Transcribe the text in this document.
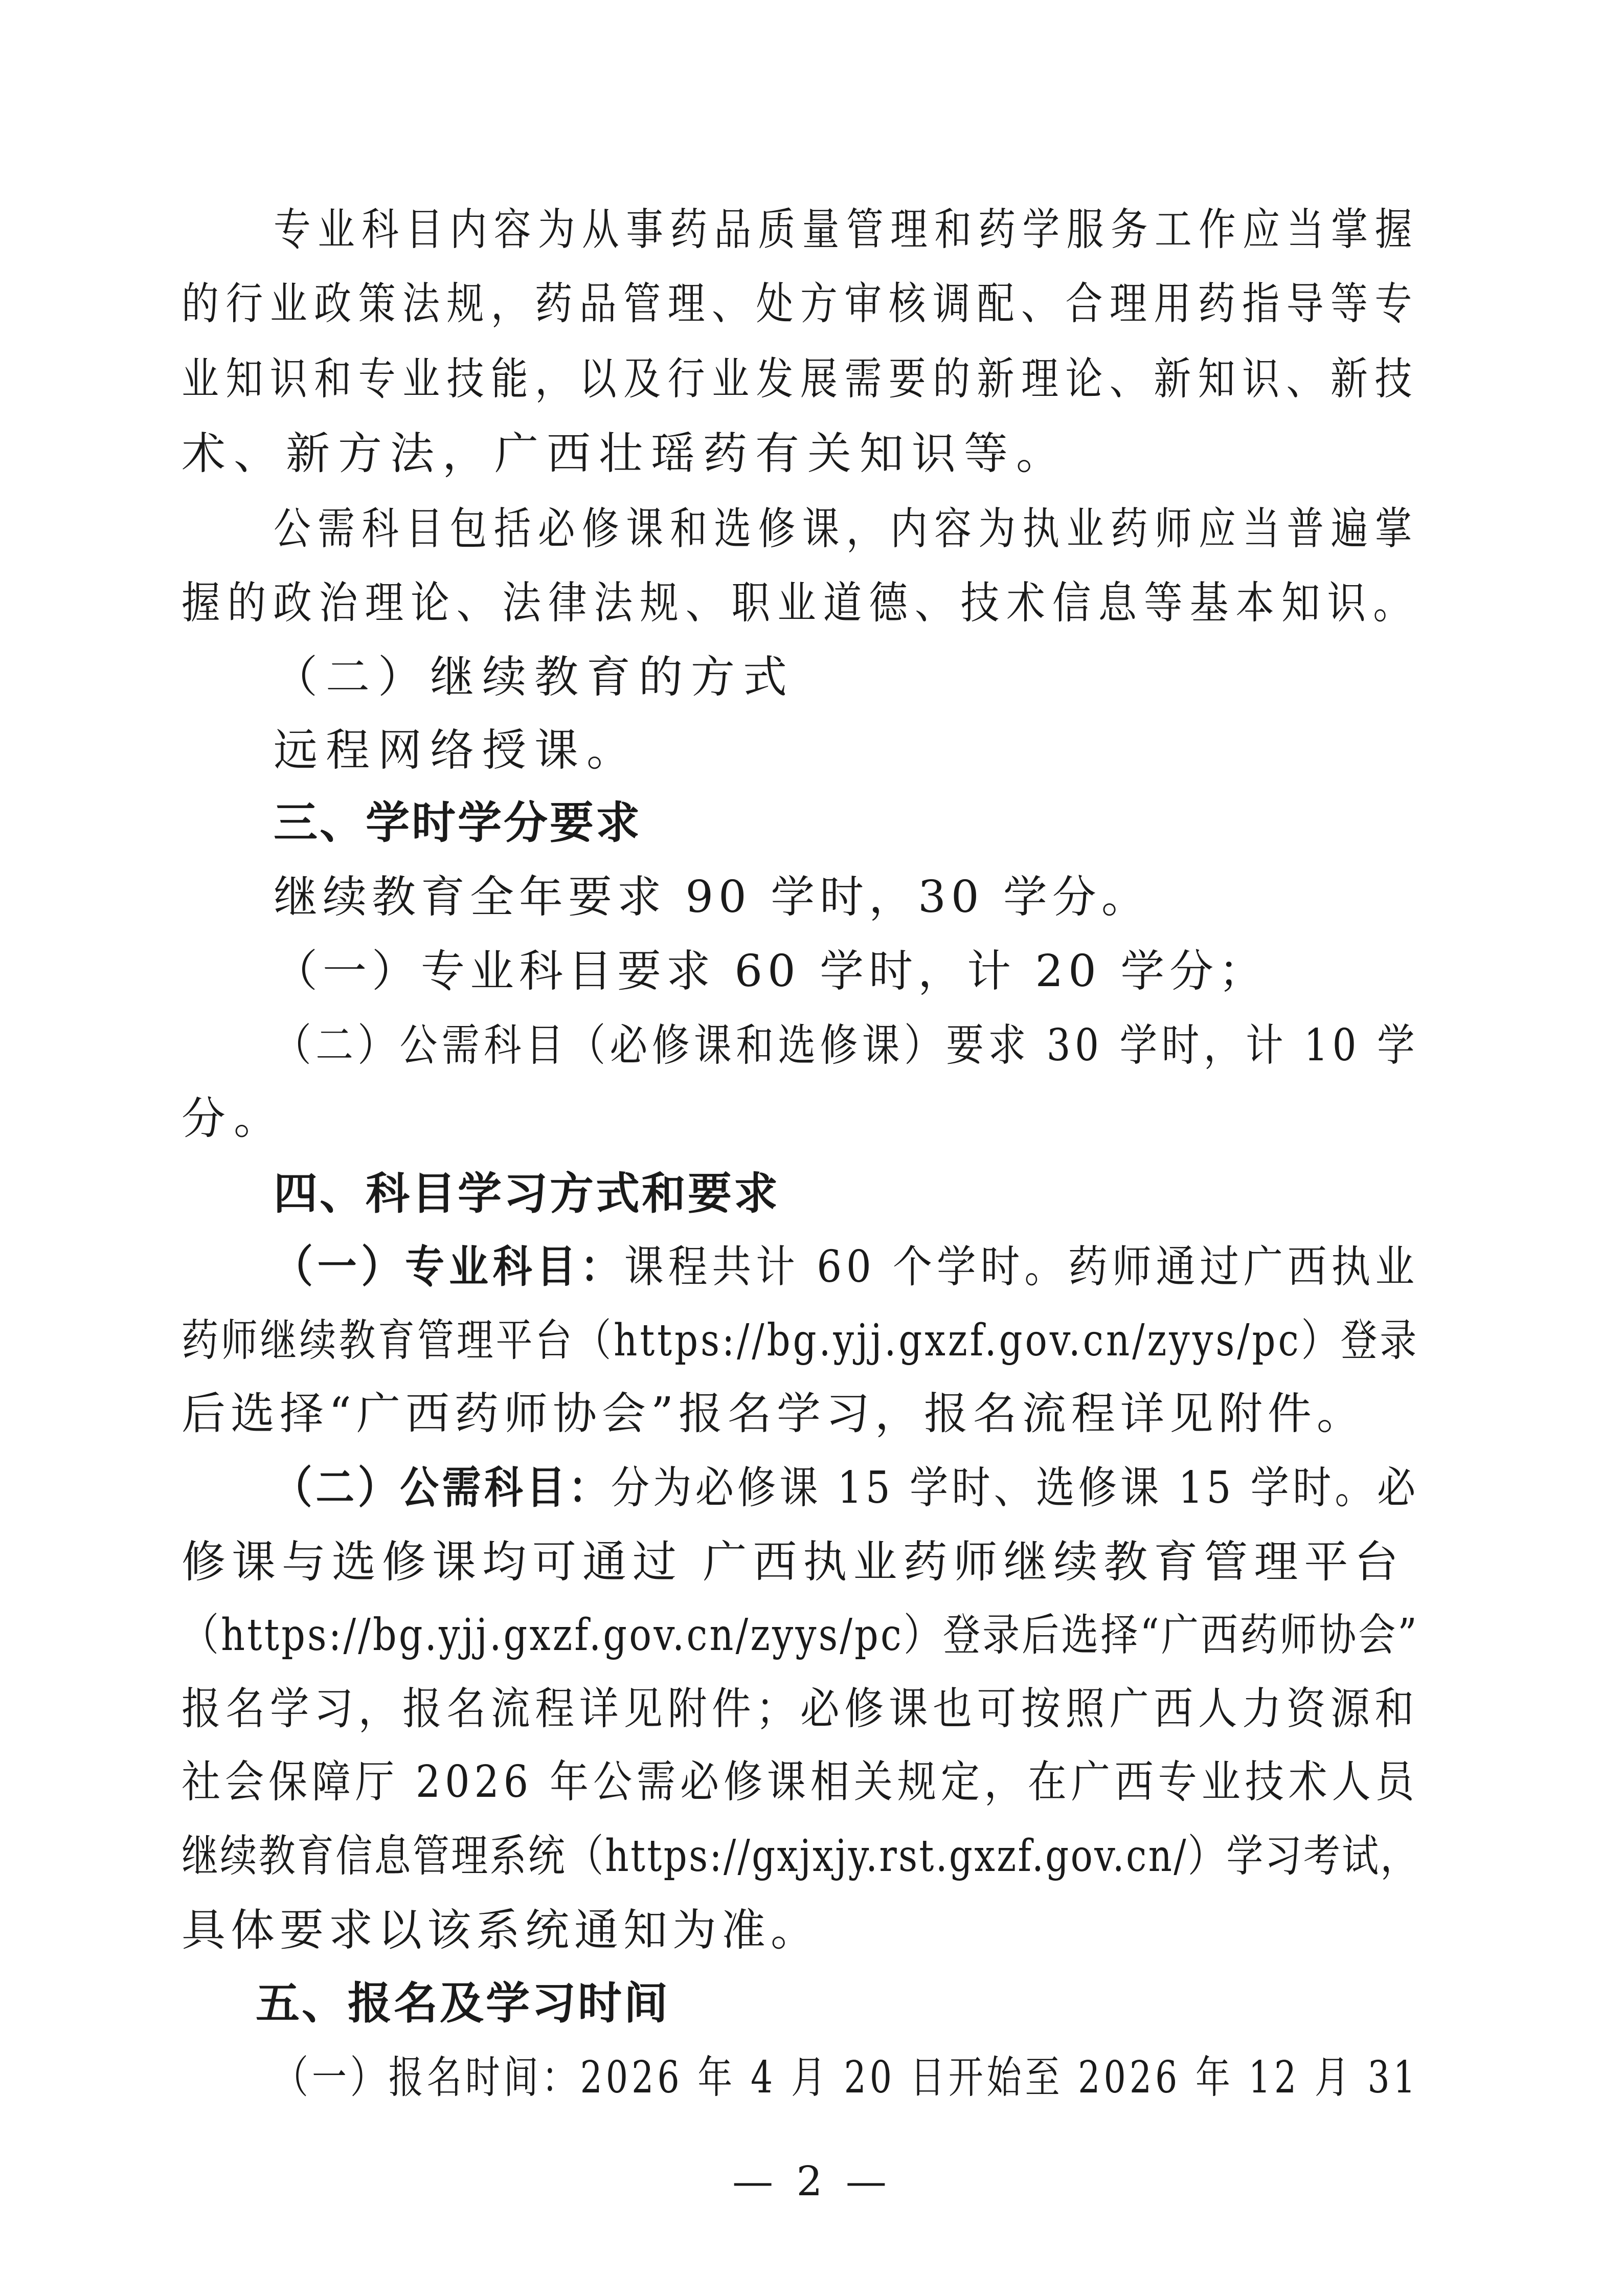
专业科目内容为从事药品质量管理和药学服务工作应当掌握
的行业政策法规，药品管理、处方审核调配、合理用药指导等专
业知识和专业技能，以及行业发展需要的新理论、新知识、新技
术、新方法，广西壮瑶药有关知识等。
公需科目包括必修课和选修课，内容为执业药师应当普遍掌
握的政治理论、法律法规、职业道德、技术信息等基本知识。
（二）继续教育的方式
远程网络授课。
三、学时学分要求
继续教育全年要求 90 学时，30 学分。
（一）专业科目要求 60 学时，计 20 学分；
（二）公需科目（必修课和选修课）要求 30 学时，计 10 学
分。
四、科目学习方式和要求
（一）专业科目：课程共计 60 个学时。药师通过广西执业
药师继续教育管理平台（https://bg.yjj.gxzf.gov.cn/zyys/pc）登录
后选择“广西药师协会”报名学习，报名流程详见附件。
（二）公需科目：分为必修课 15 学时、选修课 15 学时。必
修课与选修课均可通过 广西执业药师继续教育管理平台
（https://bg.yjj.gxzf.gov.cn/zyys/pc）登录后选择“广西药师协会”
报名学习，报名流程详见附件；必修课也可按照广西人力资源和
社会保障厅 2026 年公需必修课相关规定，在广西专业技术人员
继续教育信息管理系统（https://gxjxjy.rst.gxzf.gov.cn/）学习考试，
具体要求以该系统通知为准。
五、报名及学习时间
（一）报名时间：2026 年 4 月 20 日开始至 2026 年 12 月 31
— 2 —
